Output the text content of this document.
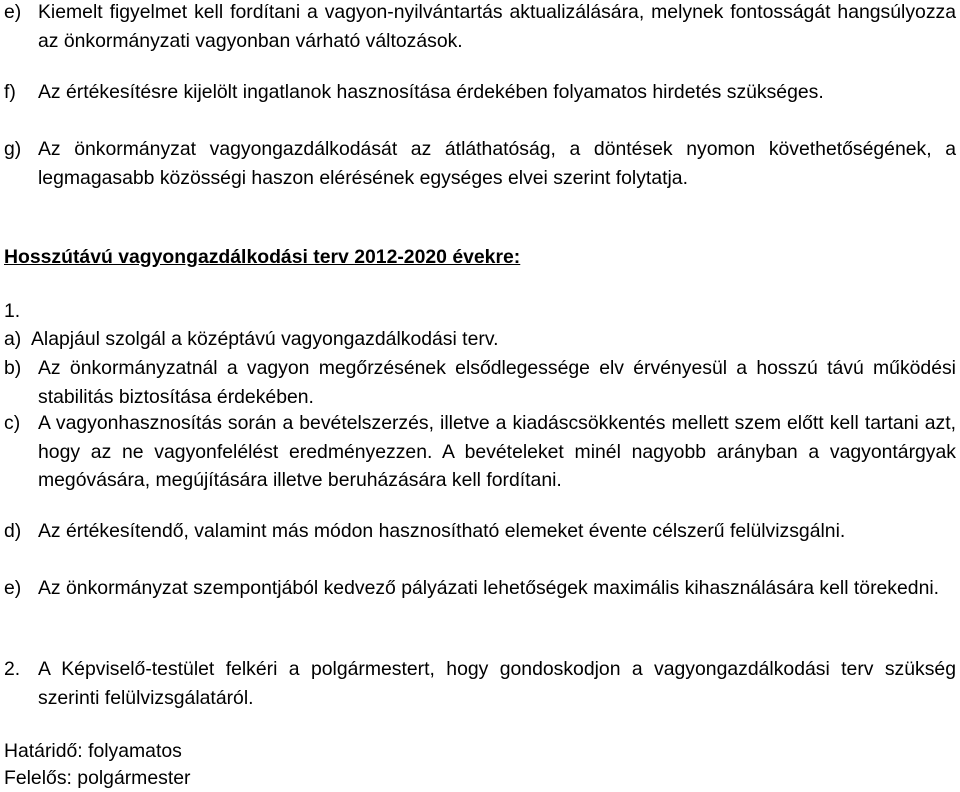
e) Kiemelt figyelmet kell fordítani a vagyon-nyilvántartás aktualizálására, melynek fontosságát hangsúlyozza az önkormányzati vagyonban várható változások.
f) Az értékesítésre kijelölt ingatlanok hasznosítása érdekében folyamatos hirdetés szükséges.
g) Az önkormányzat vagyongazdálkodását az átláthatóság, a döntések nyomon követhetőségének, a legmagasabb közösségi haszon elérésének egységes elvei szerint folytatja.
Hosszútávú vagyongazdálkodási terv 2012-2020 évekre:
1.
a) Alapjául szolgál a középtávú vagyongazdálkodási terv.
b) Az önkormányzatnál a vagyon megőrzésének elsődlegessége elv érvényesül a hosszú távú működési stabilitás biztosítása érdekében.
c) A vagyonhasznosítás során a bevételszerzés, illetve a kiadáscsökkentés mellett szem előtt kell tartani azt, hogy az ne vagyonfelélést eredményezzen. A bevételeket minél nagyobb arányban a vagyontárgyak megóvására, megújítására illetve beruházására kell fordítani.
d) Az értékesítendő, valamint más módon hasznosítható elemeket évente célszerű felülvizsgálni.
e) Az önkormányzat szempontjából kedvező pályázati lehetőségek maximális kihasználására kell törekedni.
2. A Képviselő-testület felkéri a polgármestert, hogy gondoskodjon a vagyongazdálkodási terv szükség szerinti felülvizsgálatáról.
Határidő: folyamatos
Felelős: polgármester
